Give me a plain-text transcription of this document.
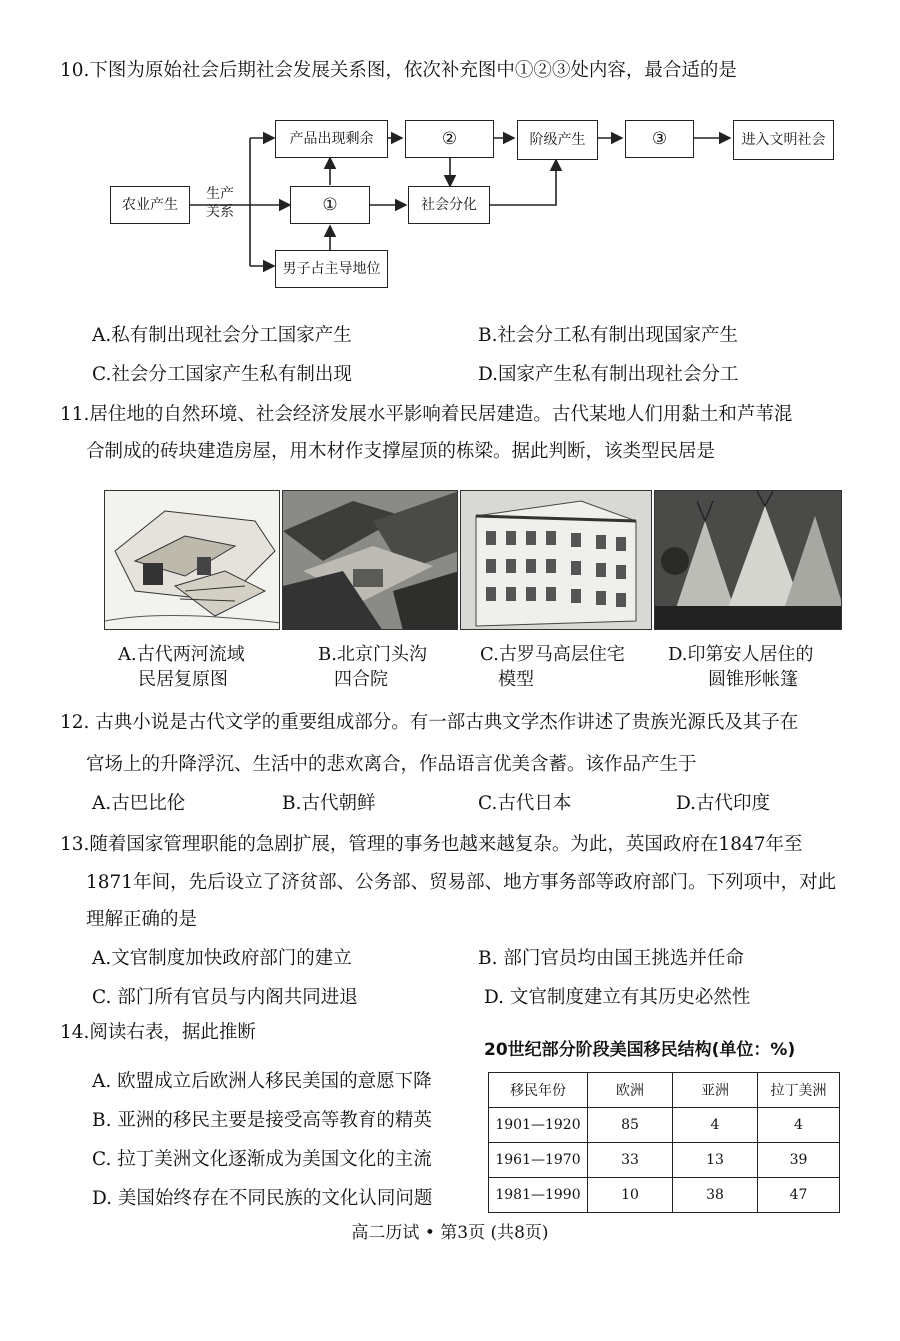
10.下图为原始社会后期社会发展关系图，依次补充图中①②③处内容，最合适的是
农业产生
生产
关系
产品出现剩余
①
男子占主导地位
②
社会分化
阶级产生	③	进入文明社会
A.私有制出现社会分工国家产生	B.社会分工私有制出现国家产生
C.社会分工国家产生私有制出现	D.国家产生私有制出现社会分工
11.居住地的自然环境、社会经济发展水平影响着民居建造。古代某地人们用黏土和芦苇混
合制成的砖块建造房屋，用木材作支撑屋顶的栋梁。据此判断，该类型民居是
A.古代两河流域
民居复原图
B.北京门头沟
四合院
C.古罗马高层住宅
模型
D.印第安人居住的
圆锥形帐篷
12. 古典小说是古代文学的重要组成部分。有一部古典文学杰作讲述了贵族光源氏及其子在
官场上的升降浮沉、生活中的悲欢离合，作品语言优美含蓄。该作品产生于
A.古巴比伦	B.古代朝鲜	C.古代日本	D.古代印度
13.随着国家管理职能的急剧扩展，管理的事务也越来越复杂。为此，英国政府在1847年至
1871年间，先后设立了济贫部、公务部、贸易部、地方事务部等政府部门。下列项中，对此
理解正确的是
A.文官制度加快政府部门的建立	B. 部门官员均由国王挑选并任命
C. 部门所有官员与内阁共同进退	D. 文官制度建立有其历史必然性
14.阅读右表，据此推断
A. 欧盟成立后欧洲人移民美国的意愿下降
B. 亚洲的移民主要是接受高等教育的精英
C. 拉丁美洲文化逐渐成为美国文化的主流
D. 美国始终存在不同民族的文化认同问题
20世纪部分阶段美国移民结构(单位：%)
移民年份	欧洲	亚洲	拉丁美洲
1901—1920	85	4	4
1961—1970	33	13	39
1981—1990	10	38	47
高二历试 • 第3页 (共8页)
